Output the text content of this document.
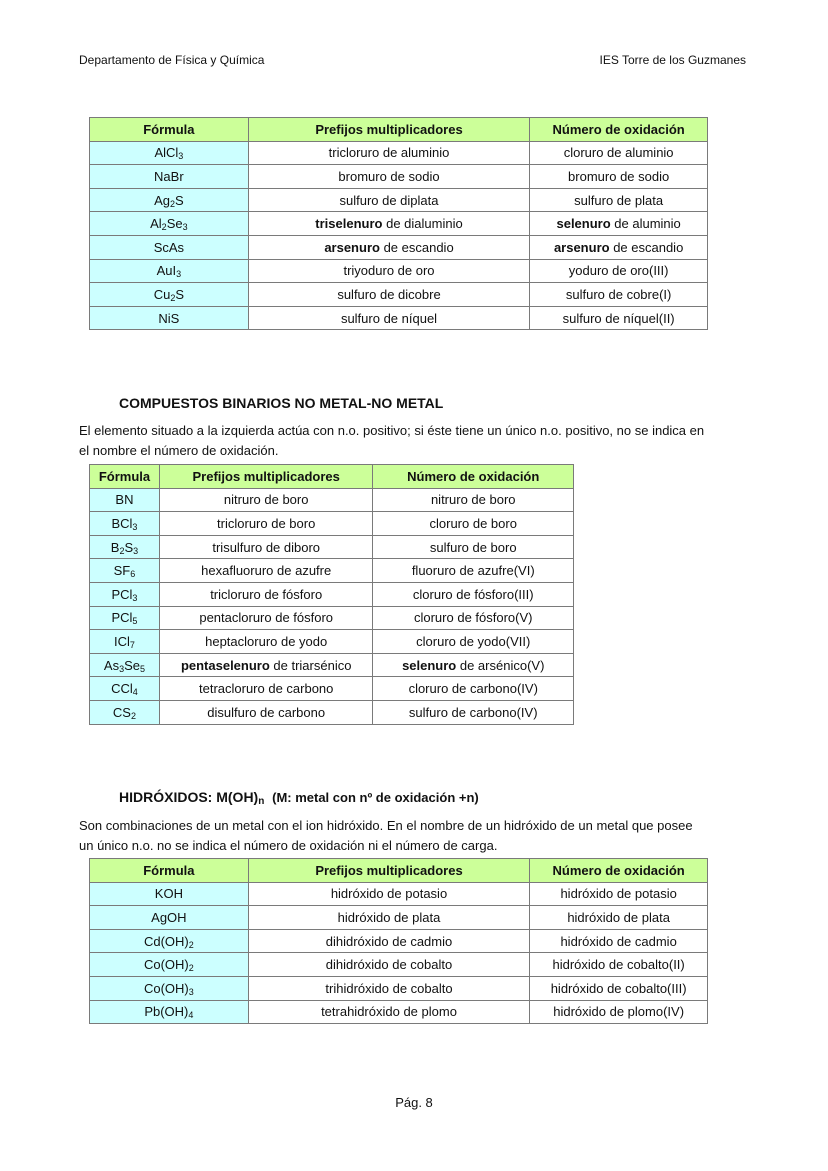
Departamento de Física y Química	IES Torre de los Guzmanes
Fórmula	Prefijos multiplicadores	Número de oxidación
AlCl$_3$	tricloruro de aluminio	cloruro de aluminio
NaBr	bromuro de sodio	bromuro de sodio
$Ag_2S$	sulfuro de diplata	sulfuro de plata
$Al_2Se_3$	triselenuro de dialuminio	selenuro de aluminio
ScAs	arsenuro de escandio	arsenuro de escandio
AuI$_3$	triyoduro de oro	yoduro de oro(III)
$Cu_2S$	sulfuro de dicobre	sulfuro de cobre(I)
NiS	sulfuro de níquel	sulfuro de níquel(II)
COMPUESTOS BINARIOS NO METAL-NO METAL
El elemento situado a la izquierda actúa con n.o. positivo; si éste tiene un único n.o. positivo, no se indica en
el nombre el número de oxidación.
Fórmula	Prefijos multiplicadores	Número de oxidación
BN	nitruro de boro	nitruro de boro
BCl$_3$	tricloruro de boro	cloruro de boro
$B_2S_3$	trisulfuro de diboro	sulfuro de boro
$SF_6$	hexafluoruro de azufre	fluoruro de azufre(VI)
PCl$_3$	tricloruro de fósforo	cloruro de fósforo(III)
PCl$_5$	pentacloruro de fósforo	cloruro de fósforo(V)
ICl$_7$	heptacloruro de yodo	cloruro de yodo(VII)
$As_3Se_5$	pentaselenuro de triarsénico	selenuro de arsénico(V)
CCl$_4$	tetracloruro de carbono	cloruro de carbono(IV)
$CS_2$	disulfuro de carbono	sulfuro de carbono(IV)
HIDRÓXIDOS: $M(OH)_n$ (M: metal con nº de oxidación +n)
Son combinaciones de un metal con el ion hidróxido. En el nombre de un hidróxido de un metal que posee
un único n.o. no se indica el número de oxidación ni el número de carga.
Fórmula	Prefijos multiplicadores	Número de oxidación
KOH	hidróxido de potasio	hidróxido de potasio
AgOH	hidróxido de plata	hidróxido de plata
$Cd(OH)_2$	dihidróxido de cadmio	hidróxido de cadmio
$Co(OH)_2$	dihidróxido de cobalto	hidróxido de cobalto(II)
$Co(OH)_3$	trihidróxido de cobalto	hidróxido de cobalto(III)
$Pb(OH)_4$	tetrahidróxido de plomo	hidróxido de plomo(IV)
Pág. 8
